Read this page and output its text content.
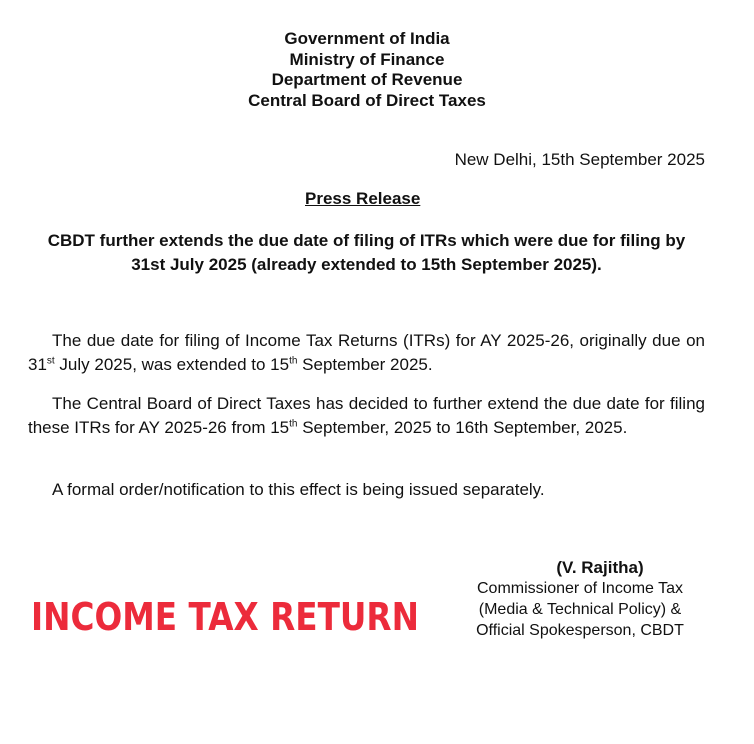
Government of India
Ministry of Finance
Department of Revenue
Central Board of Direct Taxes
New Delhi, 15th September 2025
Press Release
CBDT further extends the due date of filing of ITRs which were due for filing by
31st July 2025 (already extended to 15th September 2025).
The due date for filing of Income Tax Returns (ITRs) for AY 2025-26, originally due on 31st July 2025, was extended to 15th September 2025.
The Central Board of Direct Taxes has decided to further extend the due date for filing these ITRs for AY 2025-26 from 15th September, 2025 to 16th September, 2025.
A formal order/notification to this effect is being issued separately.
(V. Rajitha)
Commissioner of Income Tax
(Media & Technical Policy) &
Official Spokesperson, CBDT
INCOME TAX RETURN
